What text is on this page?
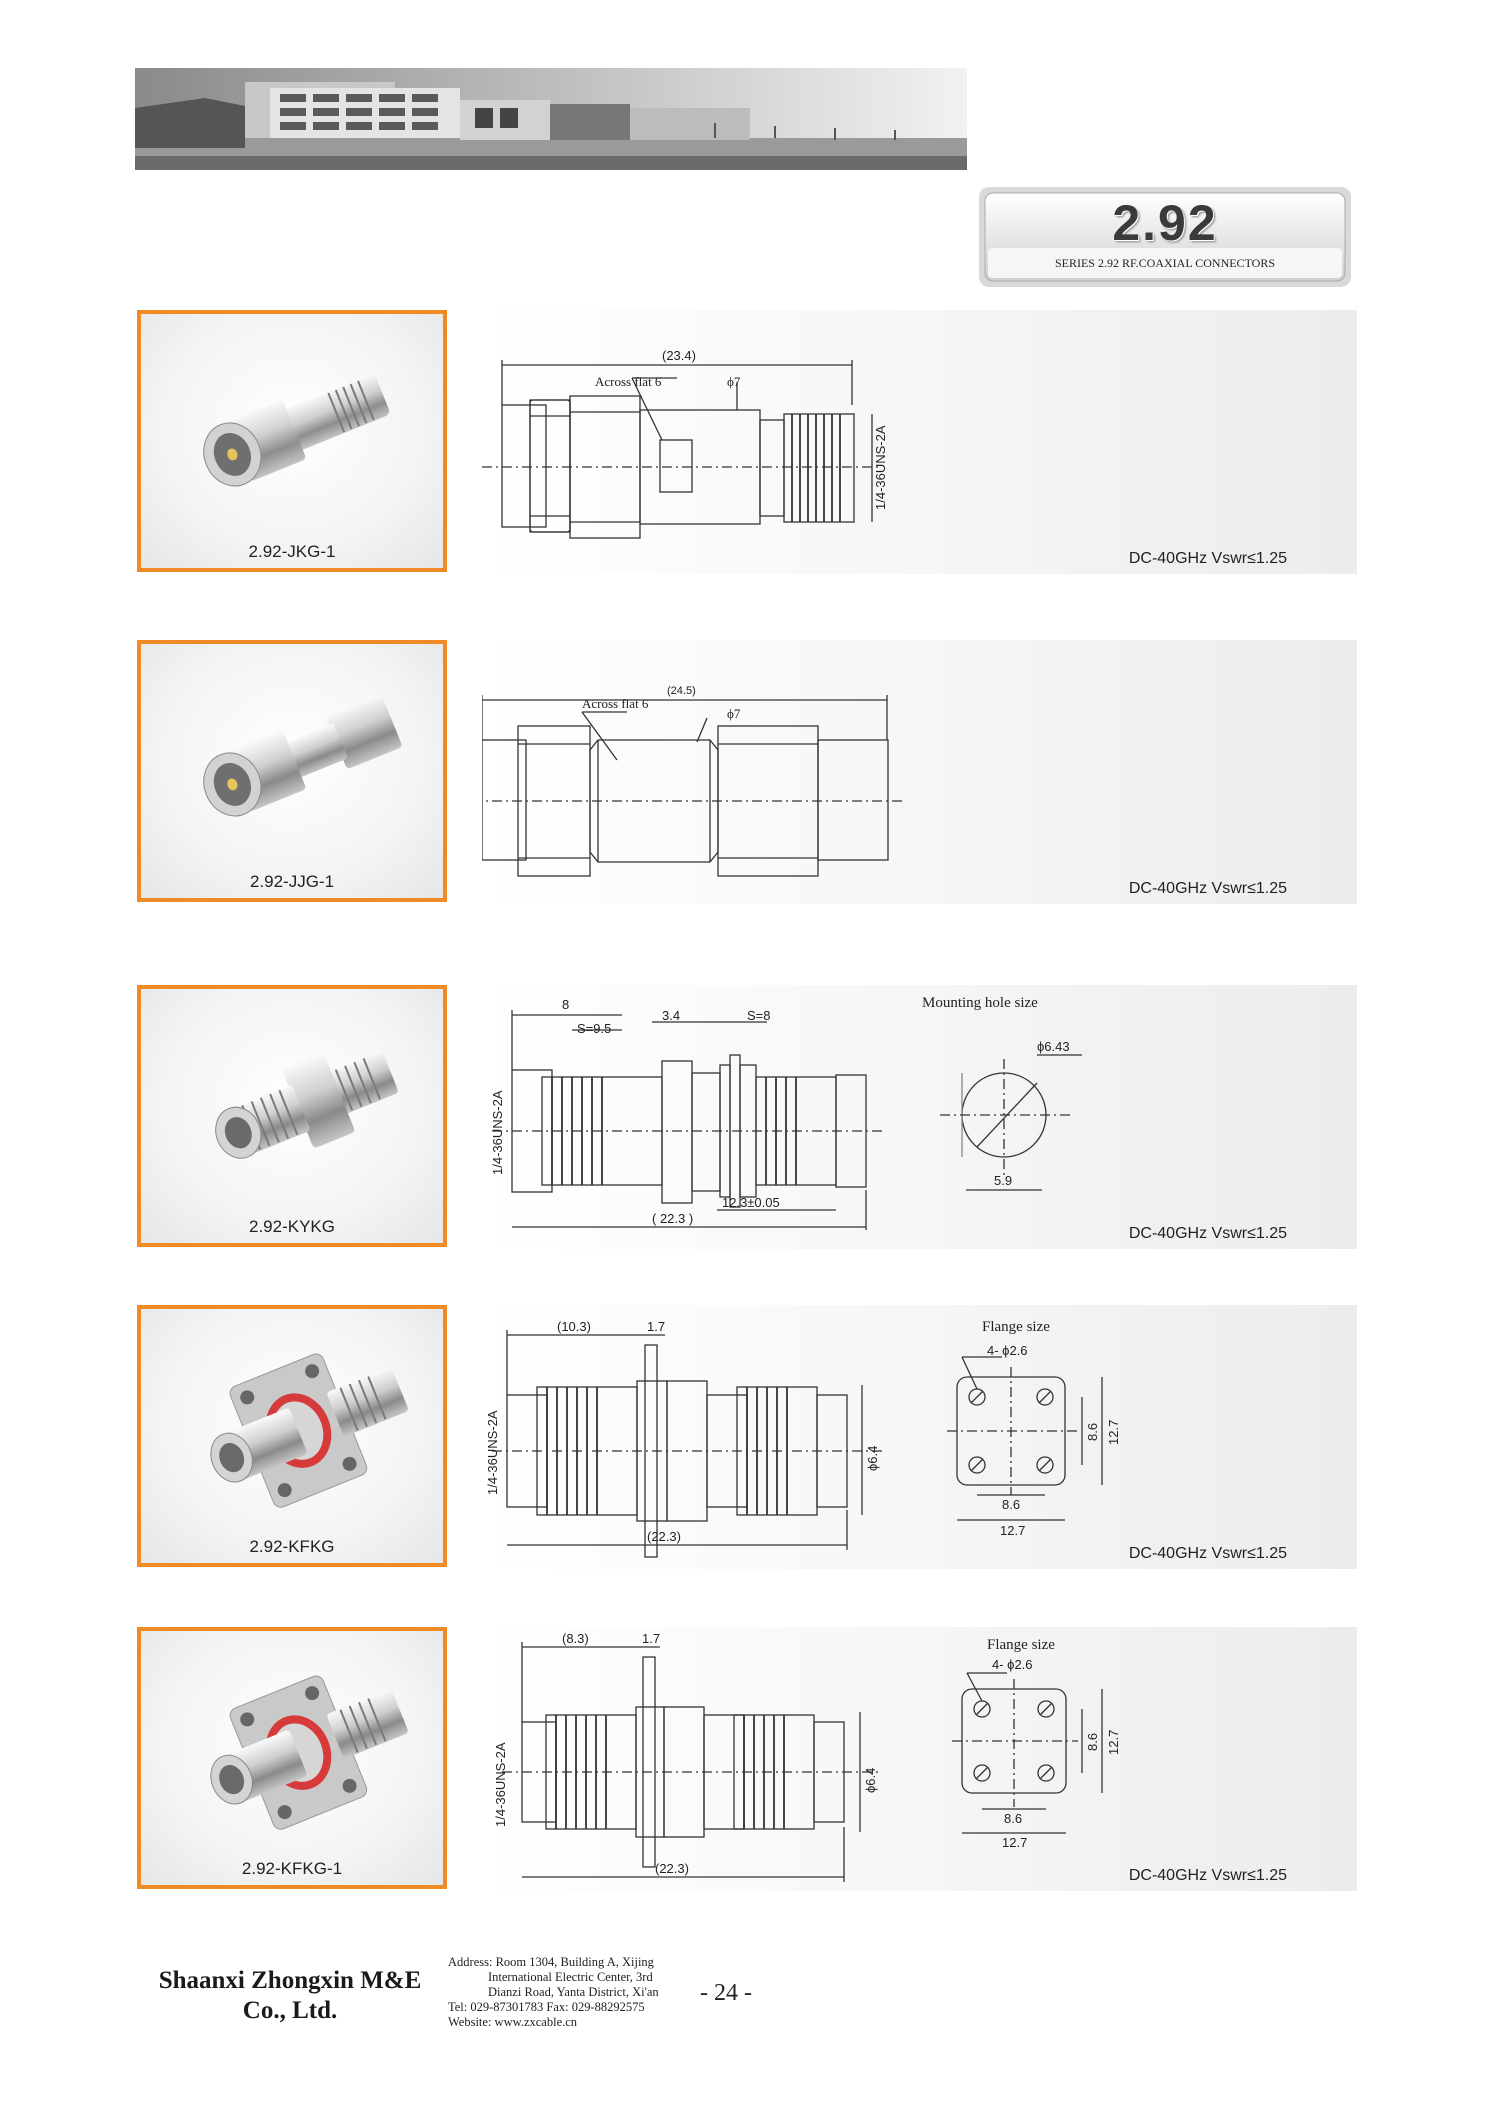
2.92
SERIES 2.92 RF.COAXIAL CONNECTORS
2.92-JKG-1
(23.4)
Across flat 6	ϕ7
1/4-36UNS-2A
DC-40GHz Vswr≤1.25
2.92-JJG-1
(24.5)
Across flat 6
ϕ7
DC-40GHz Vswr≤1.25
2.92-KYKG
8
S=9.5
3.4	S=8
1/4-36UNS-2A
12.3±0.05
( 22.3 )
Mounting hole size
ϕ6.43
5.9
DC-40GHz Vswr≤1.25
2.92-KFKG
(10.3)	1.7
1/4-36UNS-2A	ϕ6.4
(22.3)
Flange size
4- ϕ2.6
8.6
12.7
8.6 12.7
DC-40GHz Vswr≤1.25
2.92-KFKG-1
(8.3)	1.7
1/4-36UNS-2A	ϕ6.4
(22.3)
Flange size
4- ϕ2.6
8.6
12.7
8.6 12.7
DC-40GHz Vswr≤1.25
Shaanxi Zhongxin M&E
Co., Ltd.
Address: Room 1304, Building A, Xijing
International Electric Center, 3rd
Dianzi Road, Yanta District, Xi'an
Tel: 029-87301783 Fax: 029-88292575
Website: www.zxcable.cn
- 24 -
